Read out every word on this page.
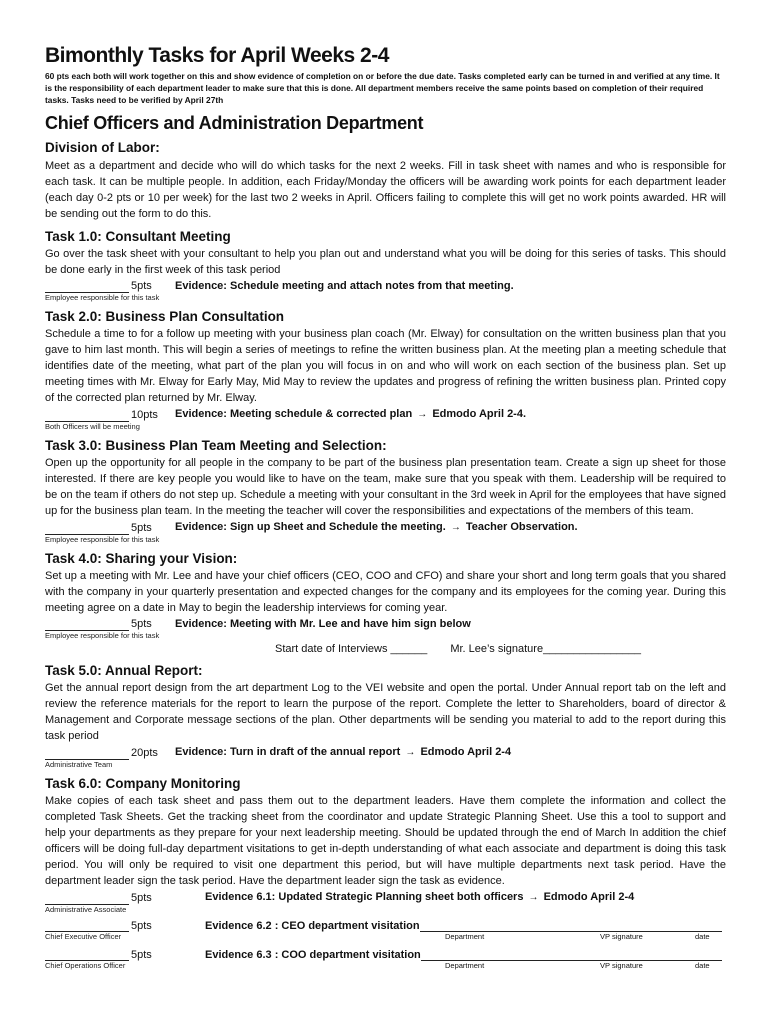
Bimonthly Tasks for April Weeks 2-4

60 pts each both will work together on this and show evidence of completion on or before the due date. Tasks completed early can be turned in and verified at any time. It is the responsibility of each department leader to make sure that this is done. All department members receive the same points based on completion of their required tasks. Tasks need to be verified by April 27th

Chief Officers and Administration Department
Division of Labor:

Meet as a department and decide who will do which tasks for the next 2 weeks. Fill in task sheet with names and who is responsible for each task. It can be multiple people. In addition, each Friday/Monday the officers will be awarding work points for each department leader (each day 0-2 pts or 10 per week) for the last two 2 weeks in April. Officers failing to complete this will get no work points awarded. HR will be sending out the form to do this.

Task 1.0: Consultant Meeting

Go over the task sheet with your consultant to help you plan out and understand what you will be doing for this series of tasks. This should be done early in the first week of this task period

5pts	Evidence: Schedule meeting and attach notes from that meeting.
Employee responsible for this task
Task 2.0: Business Plan Consultation

Schedule a time to for a follow up meeting with your business plan coach (Mr. Elway) for consultation on the written business plan that you gave to him last month. This will begin a series of meetings to refine the written business plan. At the meeting plan a meeting schedule that identifies date of the meeting, what part of the plan you will focus in on and who will work on each section of the business plan. Set up meeting times with Mr. Elway for Early May, Mid May to review the updates and progress of refining the written business plan. Printed copy of the corrected plan returned by Mr. Elway.

10pts	Evidence: Meeting schedule & corrected plan → Edmodo April 2-4.
Both Officers will be meeting
Task 3.0: Business Plan Team Meeting and Selection:

Open up the opportunity for all people in the company to be part of the business plan presentation team. Create a sign up sheet for those interested. If there are key people you would like to have on the team, make sure that you speak with them. Leadership will be required to be on the team if others do not step up. Schedule a meeting with your consultant in the 3rd week in April for the employees that have signed up for the business plan team. In the meeting the teacher will cover the responsibilities and expectations of the members of this team.

5pts	Evidence: Sign up Sheet and Schedule the meeting. → Teacher Observation.
Employee responsible for this task
Task 4.0: Sharing your Vision:

Set up a meeting with Mr. Lee and have your chief officers (CEO, COO and CFO) and share your short and long term goals that you shared with the company in your quarterly presentation and expected changes for the company and its employees for the coming year. During this meeting agree on a date in May to begin the leadership interviews for coming year.

5pts	Evidence: Meeting with Mr. Lee and have him sign below
Employee responsible for this task
Start date of Interviews ______ Mr. Lee’s signature________________
Task 5.0: Annual Report:

Get the annual report design from the art department Log to the VEI website and open the portal. Under Annual report tab on the left and review the reference materials for the report to learn the purpose of the report. Complete the letter to Shareholders, board of director & Management and Corporate message sections of the plan. Other departments will be sending you material to add to the report during this task period

20pts	Evidence: Turn in draft of the annual report → Edmodo April 2-4
Administrative Team
Task 6.0: Company Monitoring

Make copies of each task sheet and pass them out to the department leaders. Have them complete the information and collect the completed Task Sheets. Get the tracking sheet from the coordinator and update Strategic Planning Sheet. Use this a tool to support and help your departments as they prepare for your next leadership meeting. Should be updated through the end of March In addition the chief officers will be doing full-day department visitations to get in-depth understanding of what each associate and department is doing this task period. You will only be required to visit one department this period, but will have multiple departments next task period. Have the department leader sign the task period. Have the department leader sign the task as evidence.

5pts	Evidence 6.1: Updated Strategic Planning sheet both officers → Edmodo April 2-4
Administrative Associate
5pts	Evidence 6.2 : CEO department visitation
Chief Executive Officer	Department	VP signature	date
5pts	Evidence 6.3 : COO department visitation
Chief Operations Officer	Department	VP signature	date
